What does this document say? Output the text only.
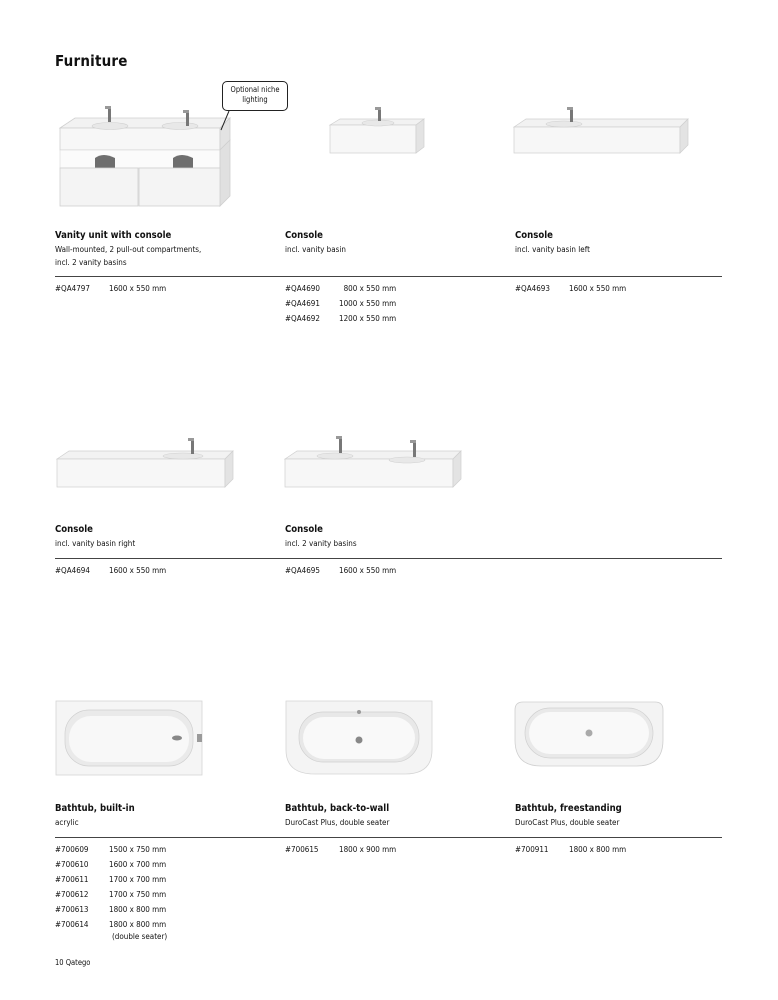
Furniture
Optional niche
lighting
Vanity unit with console
Wall-mounted, 2 pull-out compartments,
incl. 2 vanity basins
Console
incl. vanity basin
Console
incl. vanity basin left
#QA4797	1600 x 550 mm	#QA4690	800 x 550 mm
#QA4691	1000 x 550 mm
#QA4692	1200 x 550 mm
#QA4693	1600 x 550 mm
Console
incl. vanity basin right
Console
incl. 2 vanity basins
#QA4694	1600 x 550 mm	#QA4695	1600 x 550 mm
Bathtub, built-in
acrylic
Bathtub, back-to-wall
DuroCast Plus, double seater
Bathtub, freestanding
DuroCast Plus, double seater
#700609	1500 x 750 mm
#700610	1600 x 700 mm
#700611	1700 x 700 mm
#700612	1700 x 750 mm
#700613	1800 x 800 mm
#700614	1800 x 800 mm
(double seater)
#700615	1800 x 900 mm	#700911	1800 x 800 mm
10 Qatego
